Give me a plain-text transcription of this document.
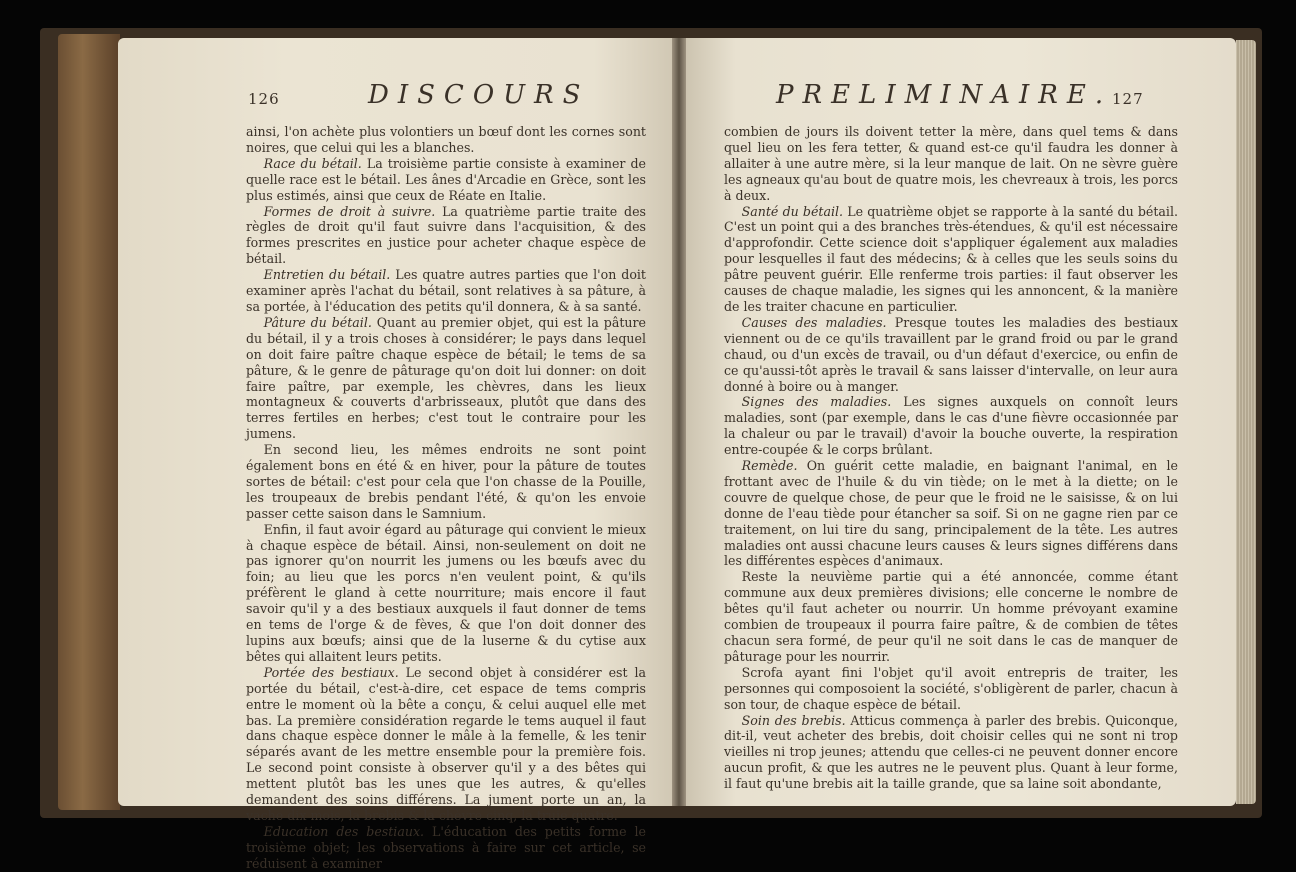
126	DISCOURS

ainsi, l'on achète plus volontiers un bœuf dont les cornes sont noires, que celui qui les a blanches.

Race du bétail. La troisième partie consiste à examiner de quelle race est le bétail. Les ânes d'Arcadie en Grèce, sont les plus estimés, ainsi que ceux de Réate en Italie.

Formes de droit à suivre. La quatrième partie traite des règles de droit qu'il faut suivre dans l'acquisition, & des formes prescrites en justice pour acheter chaque espèce de bétail.

Entretien du bétail. Les quatre autres parties que l'on doit examiner après l'achat du bétail, sont relatives à sa pâture, à sa portée, à l'éducation des petits qu'il donnera, & à sa santé.

Pâture du bétail. Quant au premier objet, qui est la pâture du bétail, il y a trois choses à considérer; le pays dans lequel on doit faire paître chaque espèce de bétail; le tems de sa pâture, & le genre de pâturage qu'on doit lui donner: on doit faire paître, par exemple, les chèvres, dans les lieux montagneux & couverts d'arbrisseaux, plutôt que dans des terres fertiles en herbes; c'est tout le contraire pour les jumens.

En second lieu, les mêmes endroits ne sont point également bons en été & en hiver, pour la pâture de toutes sortes de bétail: c'est pour cela que l'on chasse de la Pouille, les troupeaux de brebis pendant l'été, & qu'on les envoie passer cette saison dans le Samnium.

Enfin, il faut avoir égard au pâturage qui convient le mieux à chaque espèce de bétail. Ainsi, non-seulement on doit ne pas ignorer qu'on nourrit les jumens ou les bœufs avec du foin; au lieu que les porcs n'en veulent point, & qu'ils préfèrent le gland à cette nourriture; mais encore il faut savoir qu'il y a des bestiaux auxquels il faut donner de tems en tems de l'orge & de fèves, & que l'on doit donner des lupins aux bœufs; ainsi que de la luserne & du cytise aux bêtes qui allaitent leurs petits.

Portée des bestiaux. Le second objet à considérer est la portée du bétail, c'est-à-dire, cet espace de tems compris entre le moment où la bête a conçu, & celui auquel elle met bas. La première considération regarde le tems auquel il faut dans chaque espèce donner le mâle à la femelle, & les tenir séparés avant de les mettre ensemble pour la première fois. Le second point consiste à observer qu'il y a des bêtes qui mettent plutôt bas les unes que les autres, & qu'elles demandent des soins différens. La jument porte un an, la vache dix mois, la brebis & la chèvre cinq, la truie quatre.

Education des bestiaux. L'éducation des petits forme le troisième objet; les observations à faire sur cet article, se réduisent à examiner

PRELIMINAIRE. 127

combien de jours ils doivent tetter la mère, dans quel tems & dans quel lieu on les fera tetter, & quand est-ce qu'il faudra les donner à allaiter à une autre mère, si la leur manque de lait. On ne sèvre guère les agneaux qu'au bout de quatre mois, les chevreaux à trois, les porcs à deux.

Santé du bétail. Le quatrième objet se rapporte à la santé du bétail. C'est un point qui a des branches très-étendues, & qu'il est nécessaire d'approfondir. Cette science doit s'appliquer également aux maladies pour lesquelles il faut des médecins; & à celles que les seuls soins du pâtre peuvent guérir. Elle renferme trois parties: il faut observer les causes de chaque maladie, les signes qui les annoncent, & la manière de les traiter chacune en particulier.

Causes des maladies. Presque toutes les maladies des bestiaux viennent ou de ce qu'ils travaillent par le grand froid ou par le grand chaud, ou d'un excès de travail, ou d'un défaut d'exercice, ou enfin de ce qu'aussi-tôt après le travail & sans laisser d'intervalle, on leur aura donné à boire ou à manger.

Signes des maladies. Les signes auxquels on connoît leurs maladies, sont (par exemple, dans le cas d'une fièvre occasionnée par la chaleur ou par le travail) d'avoir la bouche ouverte, la respiration entre-coupée & le corps brûlant.

Remède. On guérit cette maladie, en baignant l'animal, en le frottant avec de l'huile & du vin tiède; on le met à la diette; on le couvre de quelque chose, de peur que le froid ne le saisisse, & on lui donne de l'eau tiède pour étancher sa soif. Si on ne gagne rien par ce traitement, on lui tire du sang, principalement de la tête. Les autres maladies ont aussi chacune leurs causes & leurs signes différens dans les différentes espèces d'animaux.

Reste la neuvième partie qui a été annoncée, comme étant commune aux deux premières divisions; elle concerne le nombre de bêtes qu'il faut acheter ou nourrir. Un homme prévoyant examine combien de troupeaux il pourra faire paître, & de combien de têtes chacun sera formé, de peur qu'il ne soit dans le cas de manquer de pâturage pour les nourrir.

Scrofa ayant fini l'objet qu'il avoit entrepris de traiter, les personnes qui composoient la société, s'obligèrent de parler, chacun à son tour, de chaque espèce de bétail.

Soin des brebis. Atticus commença à parler des brebis. Quiconque, dit-il, veut acheter des brebis, doit choisir celles qui ne sont ni trop vieilles ni trop jeunes; attendu que celles-ci ne peuvent donner encore aucun profit, & que les autres ne le peuvent plus. Quant à leur forme, il faut qu'une brebis ait la taille grande, que sa laine soit abondante,
